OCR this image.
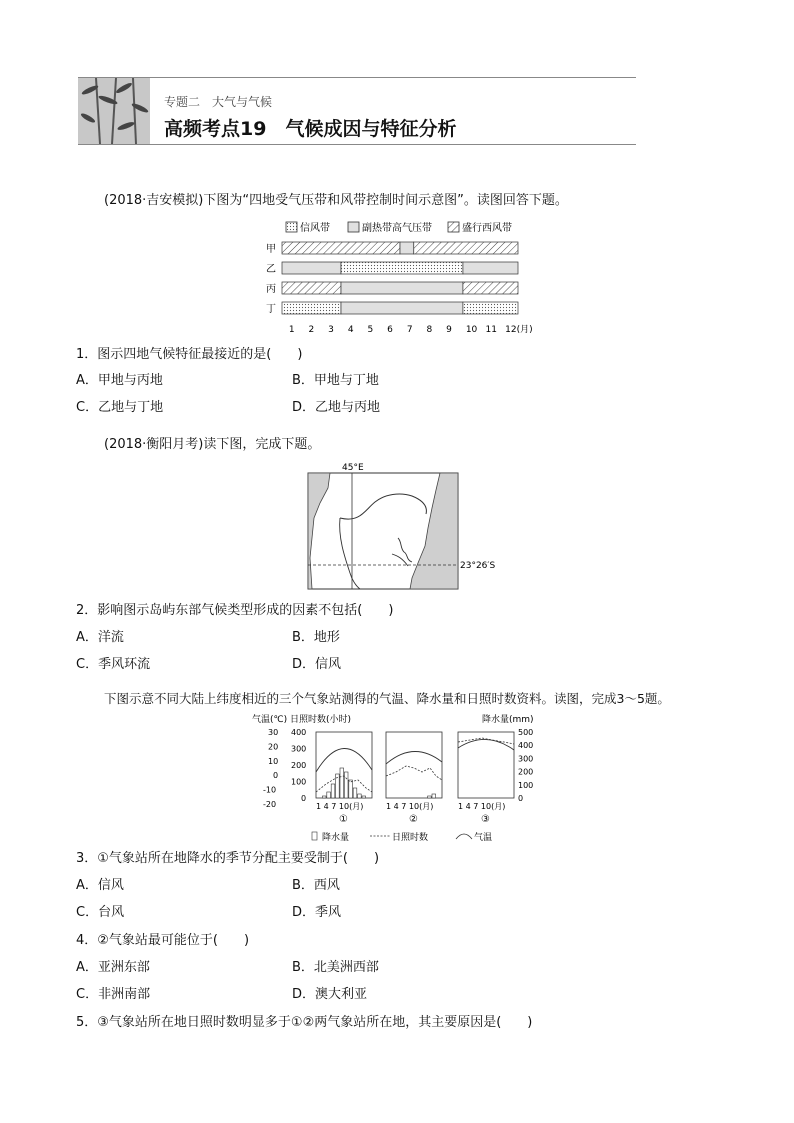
专题二　大气与气候
高频考点19　气候成因与特征分析
(2018·吉安模拟)下图为“四地受气压带和风带控制时间示意图”。读图回答下题。
信风带	副热带高气压带	盛行西风带
甲
乙
丙
丁
1 2 3 4 5 6 7 8 9 10 11 12(月)
1．图示四地气候特征最接近的是(　　)
A．甲地与丙地	B．甲地与丁地
C．乙地与丁地	D．乙地与丙地
(2018·衡阳月考)读下图，完成下题。
45°E
23°26′S
2．影响图示岛屿东部气候类型形成的因素不包括(　　)
A．洋流	B．地形
C．季风环流	D．信风
下图示意不同大陆上纬度相近的三个气象站测得的气温、降水量和日照时数资料。读图，完成3～5题。
气温(℃) 日照时数(小时)	降水量(mm)
30
20
10
0
-10
-20
400
300
200
100
0
500
400
300
200
100
0
1 4 7 10(月)
①
1 4 7 10(月)
②
1 4 7 10(月)
③
降水量	日照时数	气温
3．①气象站所在地降水的季节分配主要受制于(　　)
A．信风	B．西风
C．台风	D．季风
4．②气象站最可能位于(　　)
A．亚洲东部	B．北美洲西部
C．非洲南部	D．澳大利亚
5．③气象站所在地日照时数明显多于①②两气象站所在地，其主要原因是(　　)
